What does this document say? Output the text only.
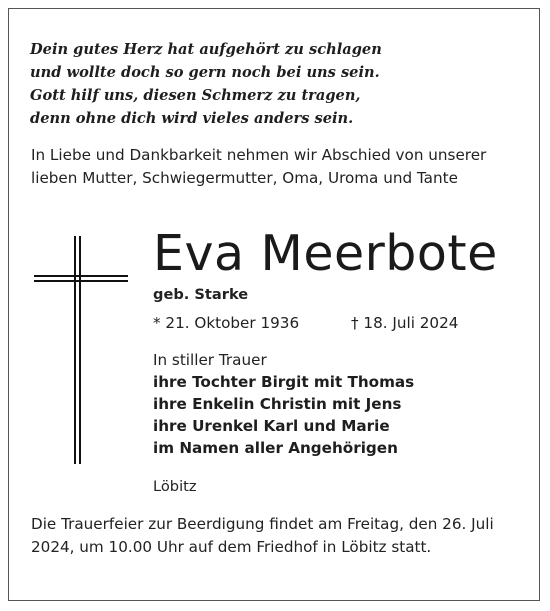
Dein gutes Herz hat aufgehört zu schlagen
und wollte doch so gern noch bei uns sein.
Gott hilf uns, diesen Schmerz zu tragen,
denn ohne dich wird vieles anders sein.
In Liebe und Dankbarkeit nehmen wir Abschied von unserer lieben Mutter, Schwiegermutter, Oma, Uroma und Tante
Eva Meerbote
geb. Starke
* 21. Oktober 1936	† 18. Juli 2024
In stiller Trauer
ihre Tochter Birgit mit Thomas
ihre Enkelin Christin mit Jens
ihre Urenkel Karl und Marie
im Namen aller Angehörigen
Löbitz
Die Trauerfeier zur Beerdigung findet am Freitag, den 26. Juli 2024, um 10.00 Uhr auf dem Friedhof in Löbitz statt.
